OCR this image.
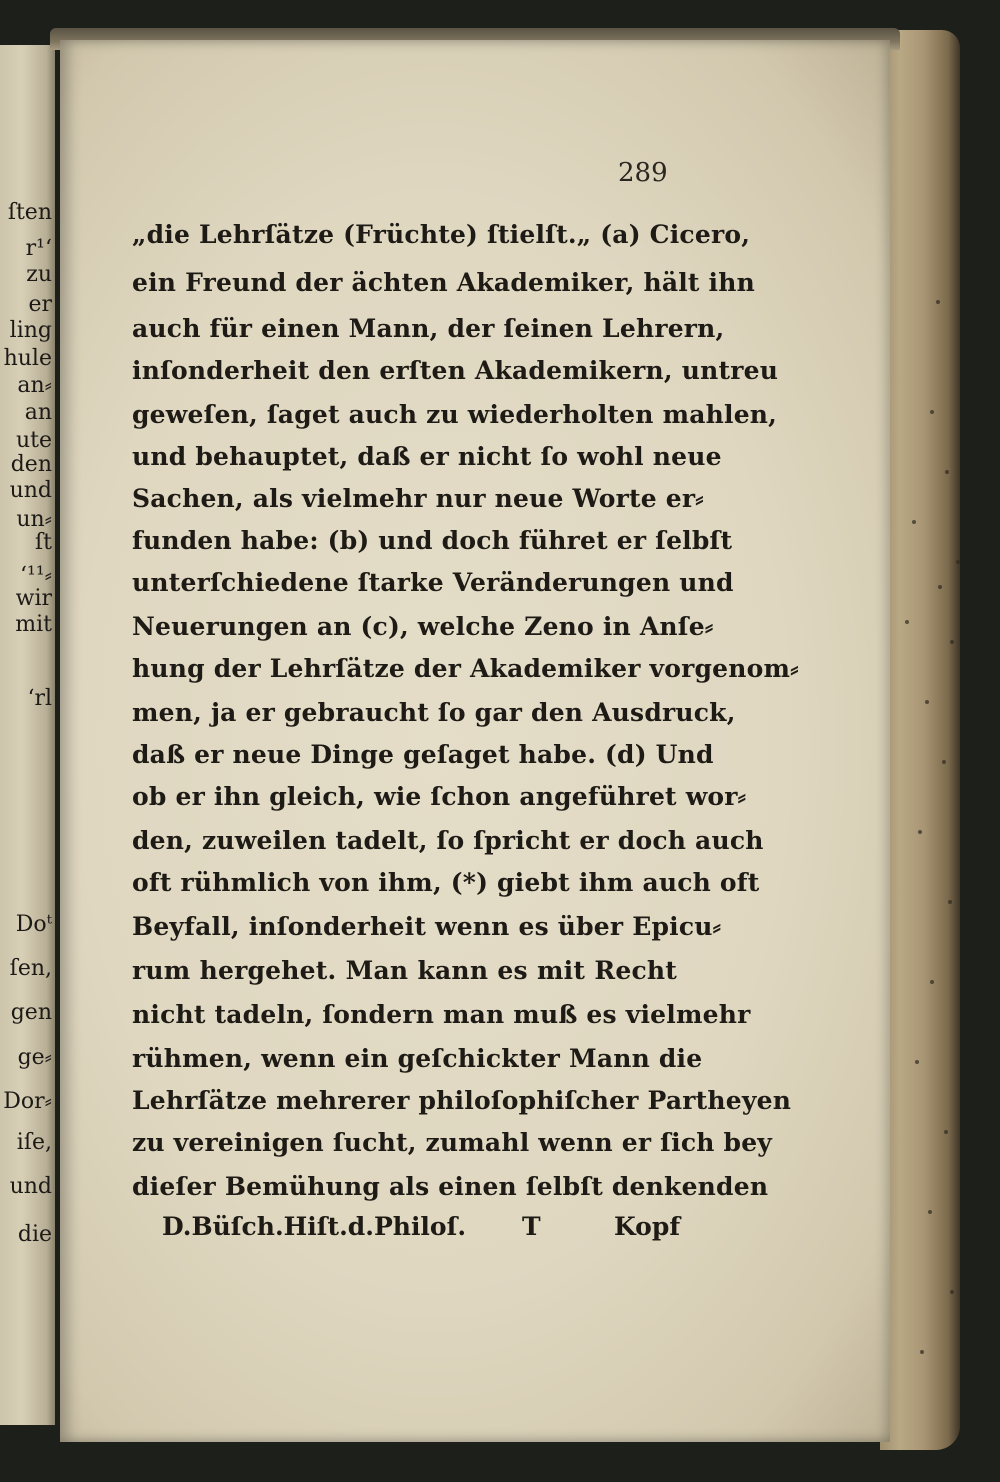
ſten
r¹ʻ
zu
er
ling
hule
an⸗
an
ute
den
und
un⸗
ſt
ʻ¹¹⸗
wir
mit
ʻrl
Doᵗ
ſen,
gen
ge⸗
Dor⸗
iſe,
und
die
289
„die Lehrſätze (Früchte) ſtielſt.„ (a) Cicero,
ein Freund der ächten Akademiker, hält ihn
auch für einen Mann, der ſeinen Lehrern,
inſonderheit den erſten Akademikern, untreu
geweſen, ſaget auch zu wiederholten mahlen,
und behauptet, daß er nicht ſo wohl neue
Sachen, als vielmehr nur neue Worte er⸗
funden habe: (b) und doch führet er ſelbſt
unterſchiedene ſtarke Veränderungen und
Neuerungen an (c), welche Zeno in Anſe⸗
hung der Lehrſätze der Akademiker vorgenom⸗
men, ja er gebraucht ſo gar den Ausdruck,
daß er neue Dinge geſaget habe. (d) Und
ob er ihn gleich, wie ſchon angeführet wor⸗
den, zuweilen tadelt, ſo ſpricht er doch auch
oft rühmlich von ihm, (*) giebt ihm auch oft
Beyfall, inſonderheit wenn es über Epicu⸗
rum hergehet. Man kann es mit Recht
nicht tadeln, ſondern man muß es vielmehr
rühmen, wenn ein geſchickter Mann die
Lehrſätze mehrerer philoſophiſcher Partheyen
zu vereinigen ſucht, zumahl wenn er ſich bey
dieſer Bemühung als einen ſelbſt denkenden
D.Büſch.Hiſt.d.Philoſ. T	Kopf
